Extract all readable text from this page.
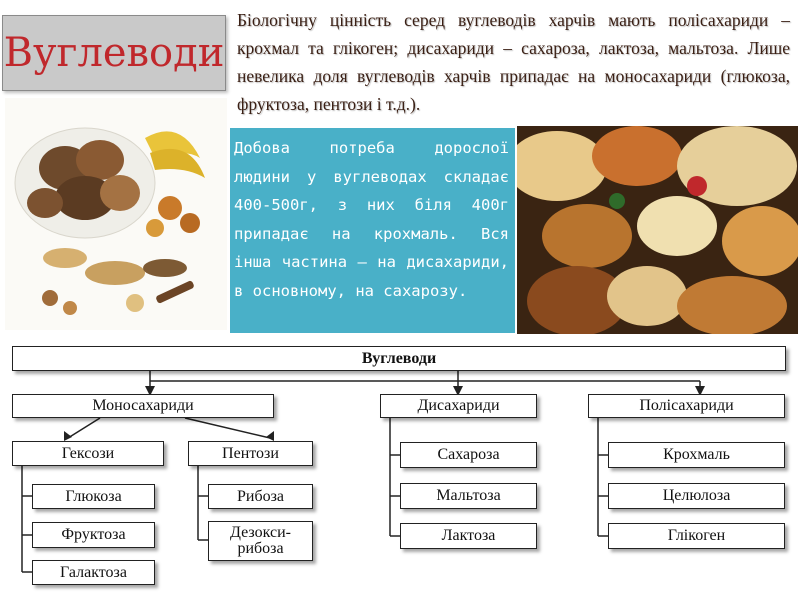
Вуглеводи

Біологічну цінність серед вуглеводів харчів мають полісахариди – крохмал та глікоген; дисахариди – сахароза, лактоза, мальтоза. Лише невелика доля вуглеводів харчів припадає на моносахариди (глюкоза, фруктоза, пентози і т.д.).

Добова потреба дорослої людини у вуглеводах складає 400-500г, з них біля 400г припадає на крохмаль. Вся інша частина – на дисахариди, в основному, на сахарозу.

Вуглеводи
Моносахариди	Дисахариди	Полісахариди
Гексози	Пентози
Глюкоза
Фруктоза
Галактоза
Рибоза
Дезокси-рибоза
Сахароза
Мальтоза
Лактоза
Крохмаль
Целюлоза
Глікоген
